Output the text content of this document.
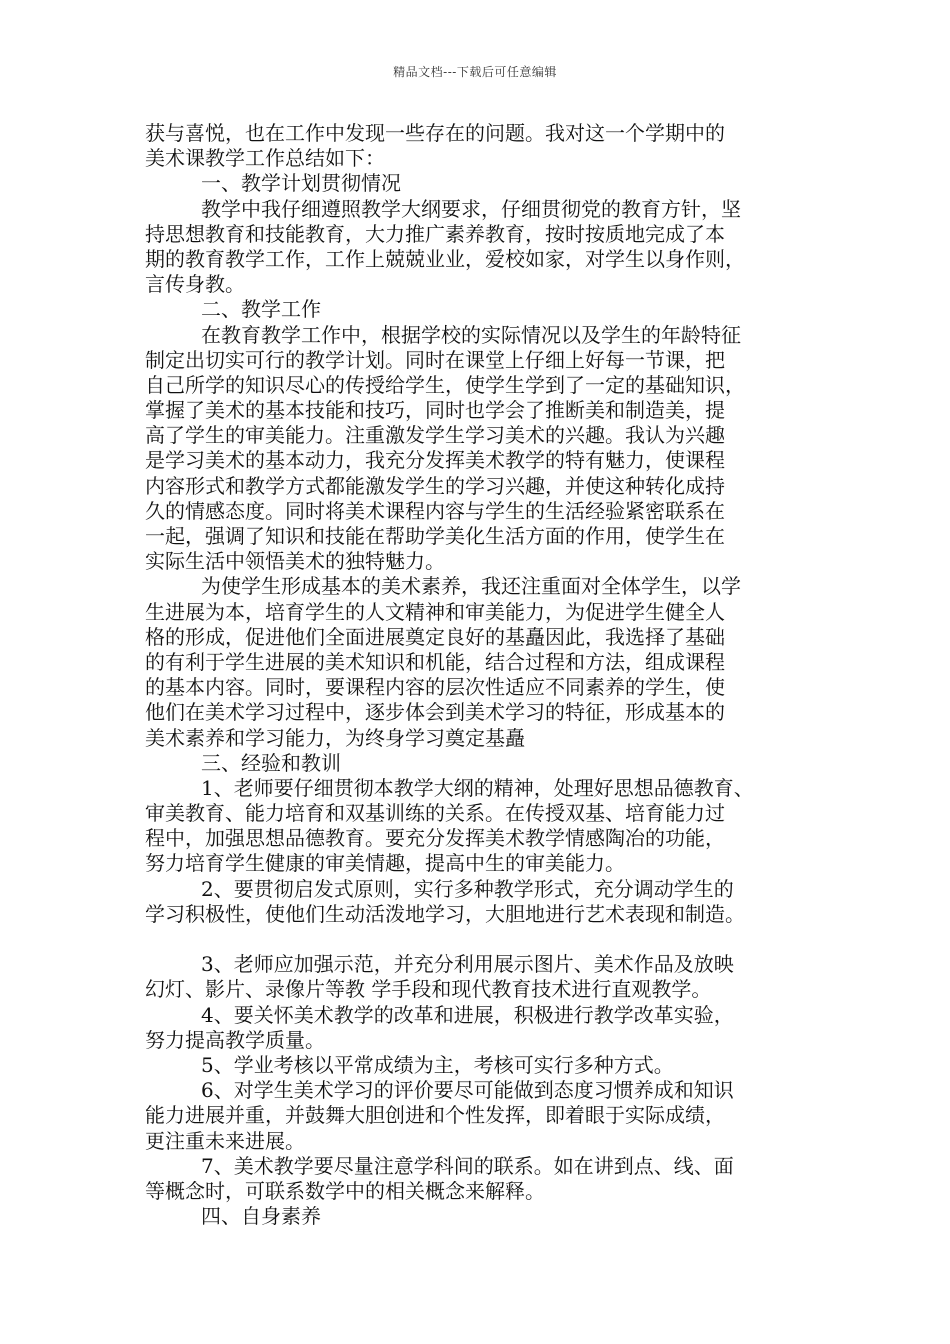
精品文档---下载后可任意编辑
获与喜悦，也在工作中发现一些存在的问题。我对这一个学期中的
美术课教学工作总结如下：
一、教学计划贯彻情况
教学中我仔细遵照教学大纲要求，仔细贯彻党的教育方针，坚
持思想教育和技能教育，大力推广素养教育，按时按质地完成了本
期的教育教学工作，工作上兢兢业业，爱校如家，对学生以身作则，
言传身教。
二、教学工作
在教育教学工作中，根据学校的实际情况以及学生的年龄特征
制定出切实可行的教学计划。同时在课堂上仔细上好每一节课，把
自己所学的知识尽心的传授给学生，使学生学到了一定的基础知识，
掌握了美术的基本技能和技巧，同时也学会了推断美和制造美，提
高了学生的审美能力。注重激发学生学习美术的兴趣。我认为兴趣
是学习美术的基本动力，我充分发挥美术教学的特有魅力，使课程
内容形式和教学方式都能激发学生的学习兴趣，并使这种转化成持
久的情感态度。同时将美术课程内容与学生的生活经验紧密联系在
一起，强调了知识和技能在帮助学美化生活方面的作用，使学生在
实际生活中领悟美术的独特魅力。
为使学生形成基本的美术素养，我还注重面对全体学生，以学
生进展为本，培育学生的人文精神和审美能力，为促进学生健全人
格的形成，促进他们全面进展奠定良好的基矗因此，我选择了基础
的有利于学生进展的美术知识和机能，结合过程和方法，组成课程
的基本内容。同时，要课程内容的层次性适应不同素养的学生，使
他们在美术学习过程中，逐步体会到美术学习的特征，形成基本的
美术素养和学习能力，为终身学习奠定基矗
三、经验和教训
1、老师要仔细贯彻本教学大纲的精神，处理好思想品德教育、
审美教育、能力培育和双基训练的关系。在传授双基、培育能力过
程中，加强思想品德教育。要充分发挥美术教学情感陶冶的功能，
努力培育学生健康的审美情趣，提高中生的审美能力。
2、要贯彻启发式原则，实行多种教学形式，充分调动学生的
学习积极性，使他们生动活泼地学习，大胆地进行艺术表现和制造。
3、老师应加强示范，并充分利用展示图片、美术作品及放映
幻灯、影片、录像片等教 学手段和现代教育技术进行直观教学。
4、要关怀美术教学的改革和进展，积极进行教学改革实验，
努力提高教学质量。
5、学业考核以平常成绩为主，考核可实行多种方式。
6、对学生美术学习的评价要尽可能做到态度习惯养成和知识
能力进展并重，并鼓舞大胆创进和个性发挥，即着眼于实际成绩，
更注重未来进展。
7、美术教学要尽量注意学科间的联系。如在讲到点、线、面
等概念时，可联系数学中的相关概念来解释。
四、自身素养
